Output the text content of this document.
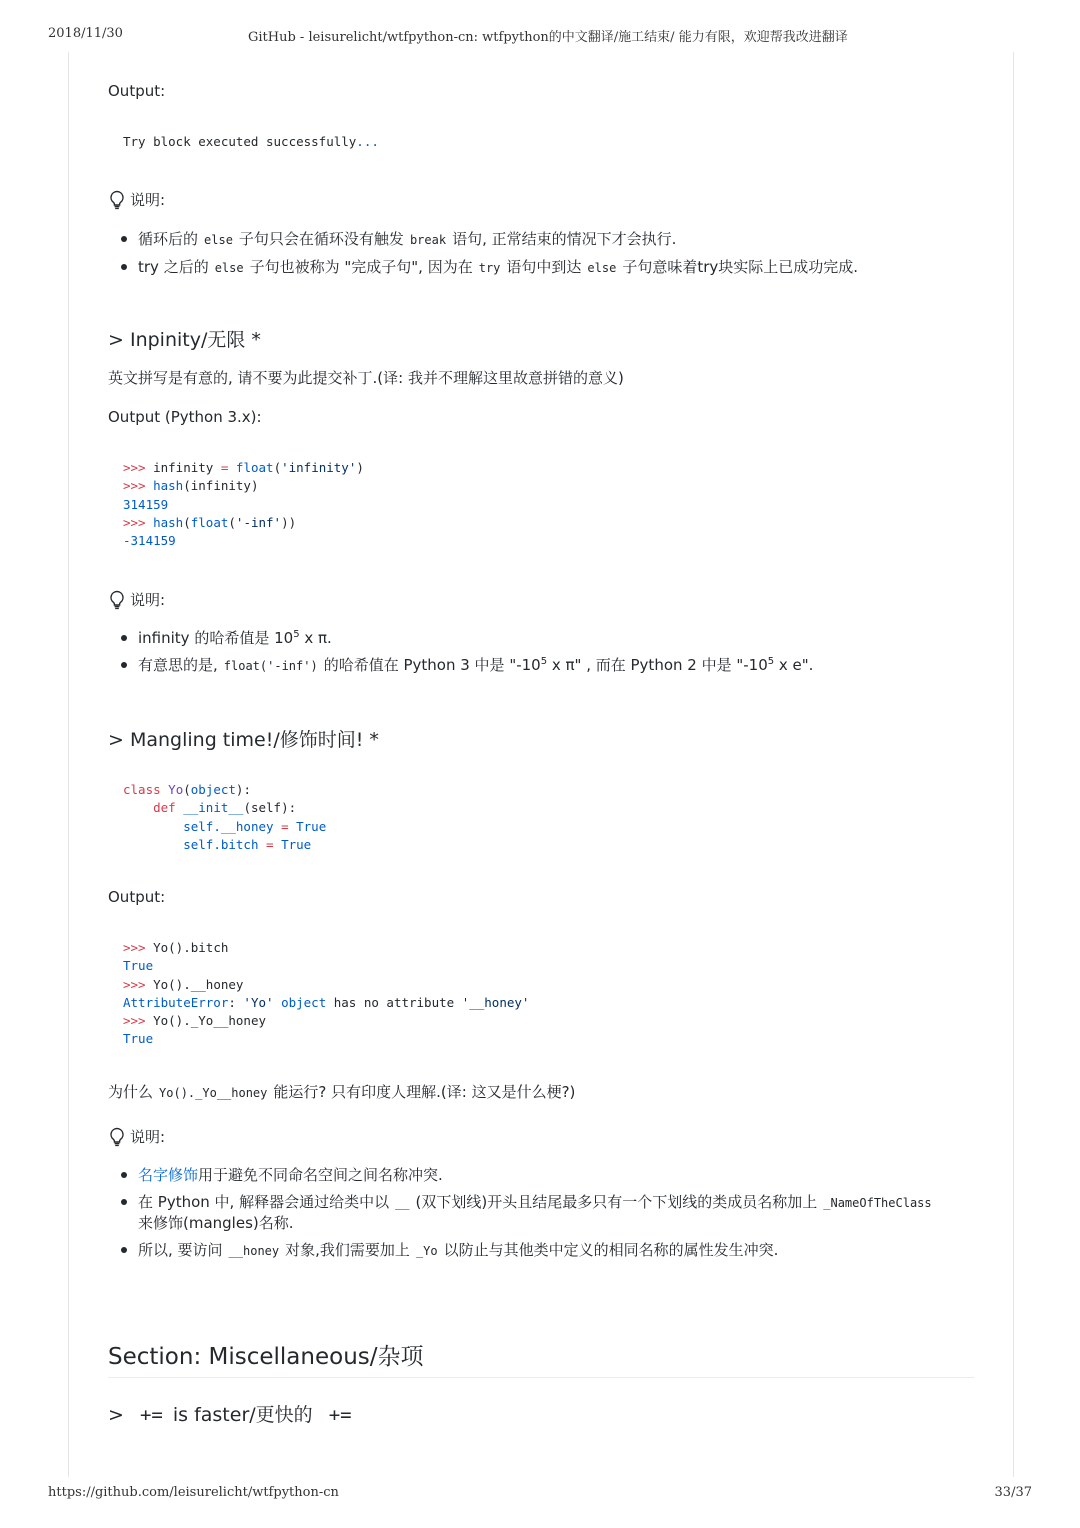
2018/11/30	GitHub - leisurelicht/wtfpython-cn: wtfpython的中文翻译/施工结束/ 能力有限，欢迎帮我改进翻译
Output:
Try block executed successfully...
说明:
循环后的 else 子句只会在循环没有触发 break 语句, 正常结束的情况下才会执行.
try 之后的 else 子句也被称为 "完成子句", 因为在 try 语句中到达 else 子句意味着try块实际上已成功完成.
> Inpinity/无限 *
英文拼写是有意的, 请不要为此提交补丁.(译: 我并不理解这里故意拼错的意义)
Output (Python 3.x):
>>> infinity = float('infinity')
>>> hash(infinity)
314159
>>> hash(float('-inf'))
-314159
说明:
infinity 的哈希值是 $10^5$ x π.
有意思的是, float('-inf') 的哈希值在 Python 3 中是 "$-10^5$ x π" , 而在 Python 2 中是 "$-10^5$ x e".
> Mangling time!/修饰时间! *
class Yo(object):
def __init__(self):
self.__honey = True
self.bitch = True
Output:
>>> Yo().bitch
True
>>> Yo().__honey
AttributeError: 'Yo' object has no attribute '__honey'
>>> Yo()._Yo__honey
True
为什么 Yo()._Yo__honey 能运行? 只有印度人理解.(译: 这又是什么梗?)
说明:
名字修饰用于避免不同命名空间之间名称冲突.
在 Python 中, 解释器会通过给类中以 __ (双下划线)开头且结尾最多只有一个下划线的类成员名称加上 _NameOfTheClass
来修饰(mangles)名称.
所以, 要访问 __honey 对象,我们需要加上 _Yo 以防止与其他类中定义的相同名称的属性发生冲突.
Section: Miscellaneous/杂项
> += is faster/更快的 +=
https://github.com/leisurelicht/wtfpython-cn	33/37
